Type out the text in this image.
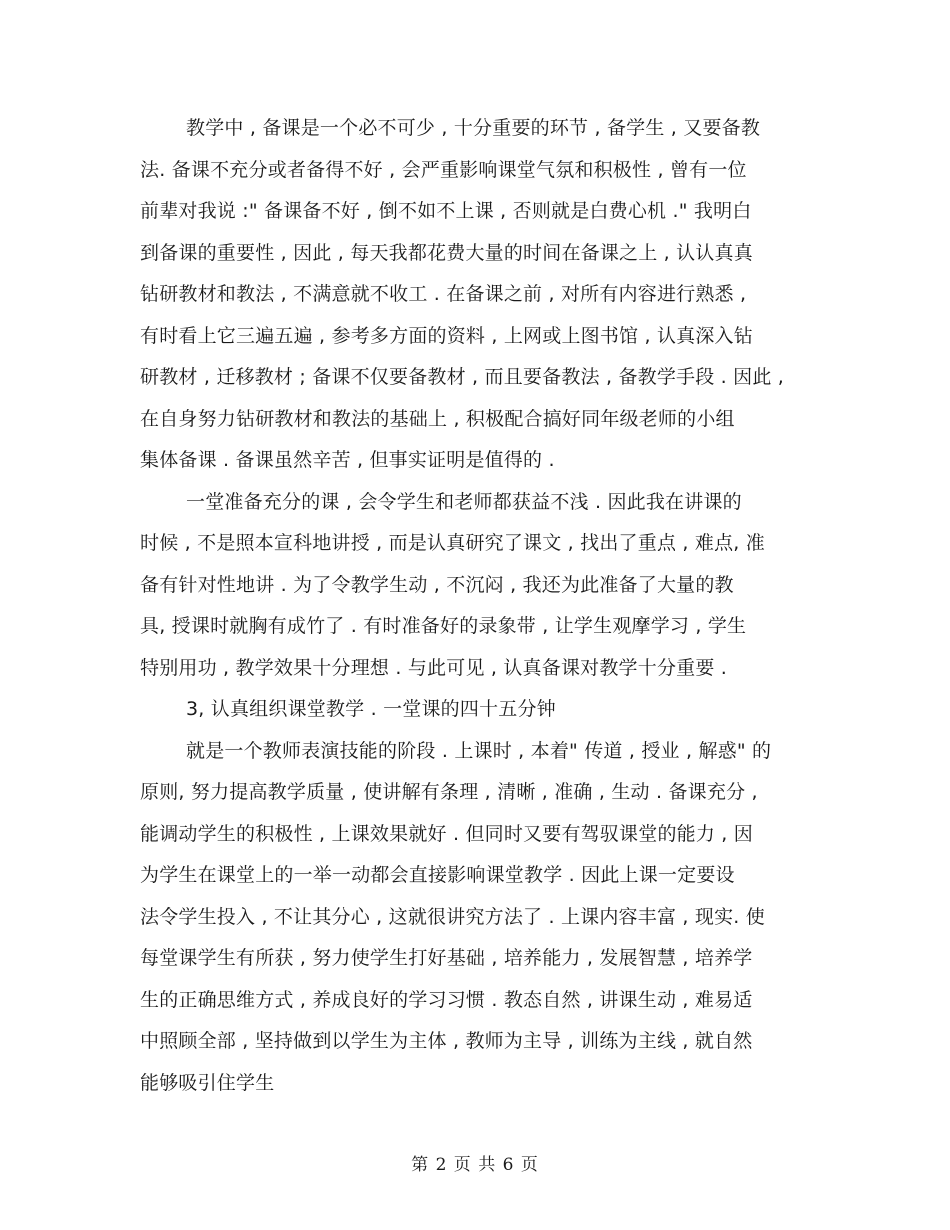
教学中 , 备课是一个必不可少 , 十分重要的环节 , 备学生 , 又要备教
法. 备课不充分或者备得不好 , 会严重影响课堂气氛和积极性 , 曾有一位
前辈对我说 :" 备课备不好 , 倒不如不上课 , 否则就是白费心机 ." 我明白
到备课的重要性 , 因此 , 每天我都花费大量的时间在备课之上 , 认认真真
钻研教材和教法 , 不满意就不收工 . 在备课之前 , 对所有内容进行熟悉 ,
有时看上它三遍五遍 , 参考多方面的资料 , 上网或上图书馆 , 认真深入钻
研教材 , 迁移教材 ; 备课不仅要备教材 , 而且要备教法 , 备教学手段 . 因此 ,
在自身努力钻研教材和教法的基础上 , 积极配合搞好同年级老师的小组
集体备课 . 备课虽然辛苦 , 但事实证明是值得的 .
一堂准备充分的课 , 会令学生和老师都获益不浅 . 因此我在讲课的
时候 , 不是照本宣科地讲授 , 而是认真研究了课文 , 找出了重点 , 难点, 准
备有针对性地讲 . 为了令教学生动 , 不沉闷 , 我还为此准备了大量的教
具, 授课时就胸有成竹了 . 有时准备好的录象带 , 让学生观摩学习 , 学生
特别用功 , 教学效果十分理想 . 与此可见 , 认真备课对教学十分重要 .
3, 认真组织课堂教学 . 一堂课的四十五分钟
就是一个教师表演技能的阶段 . 上课时 , 本着" 传道 , 授业 , 解惑" 的
原则, 努力提高教学质量 , 使讲解有条理 , 清晰 , 准确 , 生动 . 备课充分 ,
能调动学生的积极性 , 上课效果就好 . 但同时又要有驾驭课堂的能力 , 因
为学生在课堂上的一举一动都会直接影响课堂教学 . 因此上课一定要设
法令学生投入 , 不让其分心 , 这就很讲究方法了 . 上课内容丰富 , 现实. 使
每堂课学生有所获 , 努力使学生打好基础 , 培养能力 , 发展智慧 , 培养学
生的正确思维方式 , 养成良好的学习习惯 . 教态自然 , 讲课生动 , 难易适
中照顾全部 , 坚持做到以学生为主体 , 教师为主导 , 训练为主线 , 就自然
能够吸引住学生
第 2 页 共 6 页
